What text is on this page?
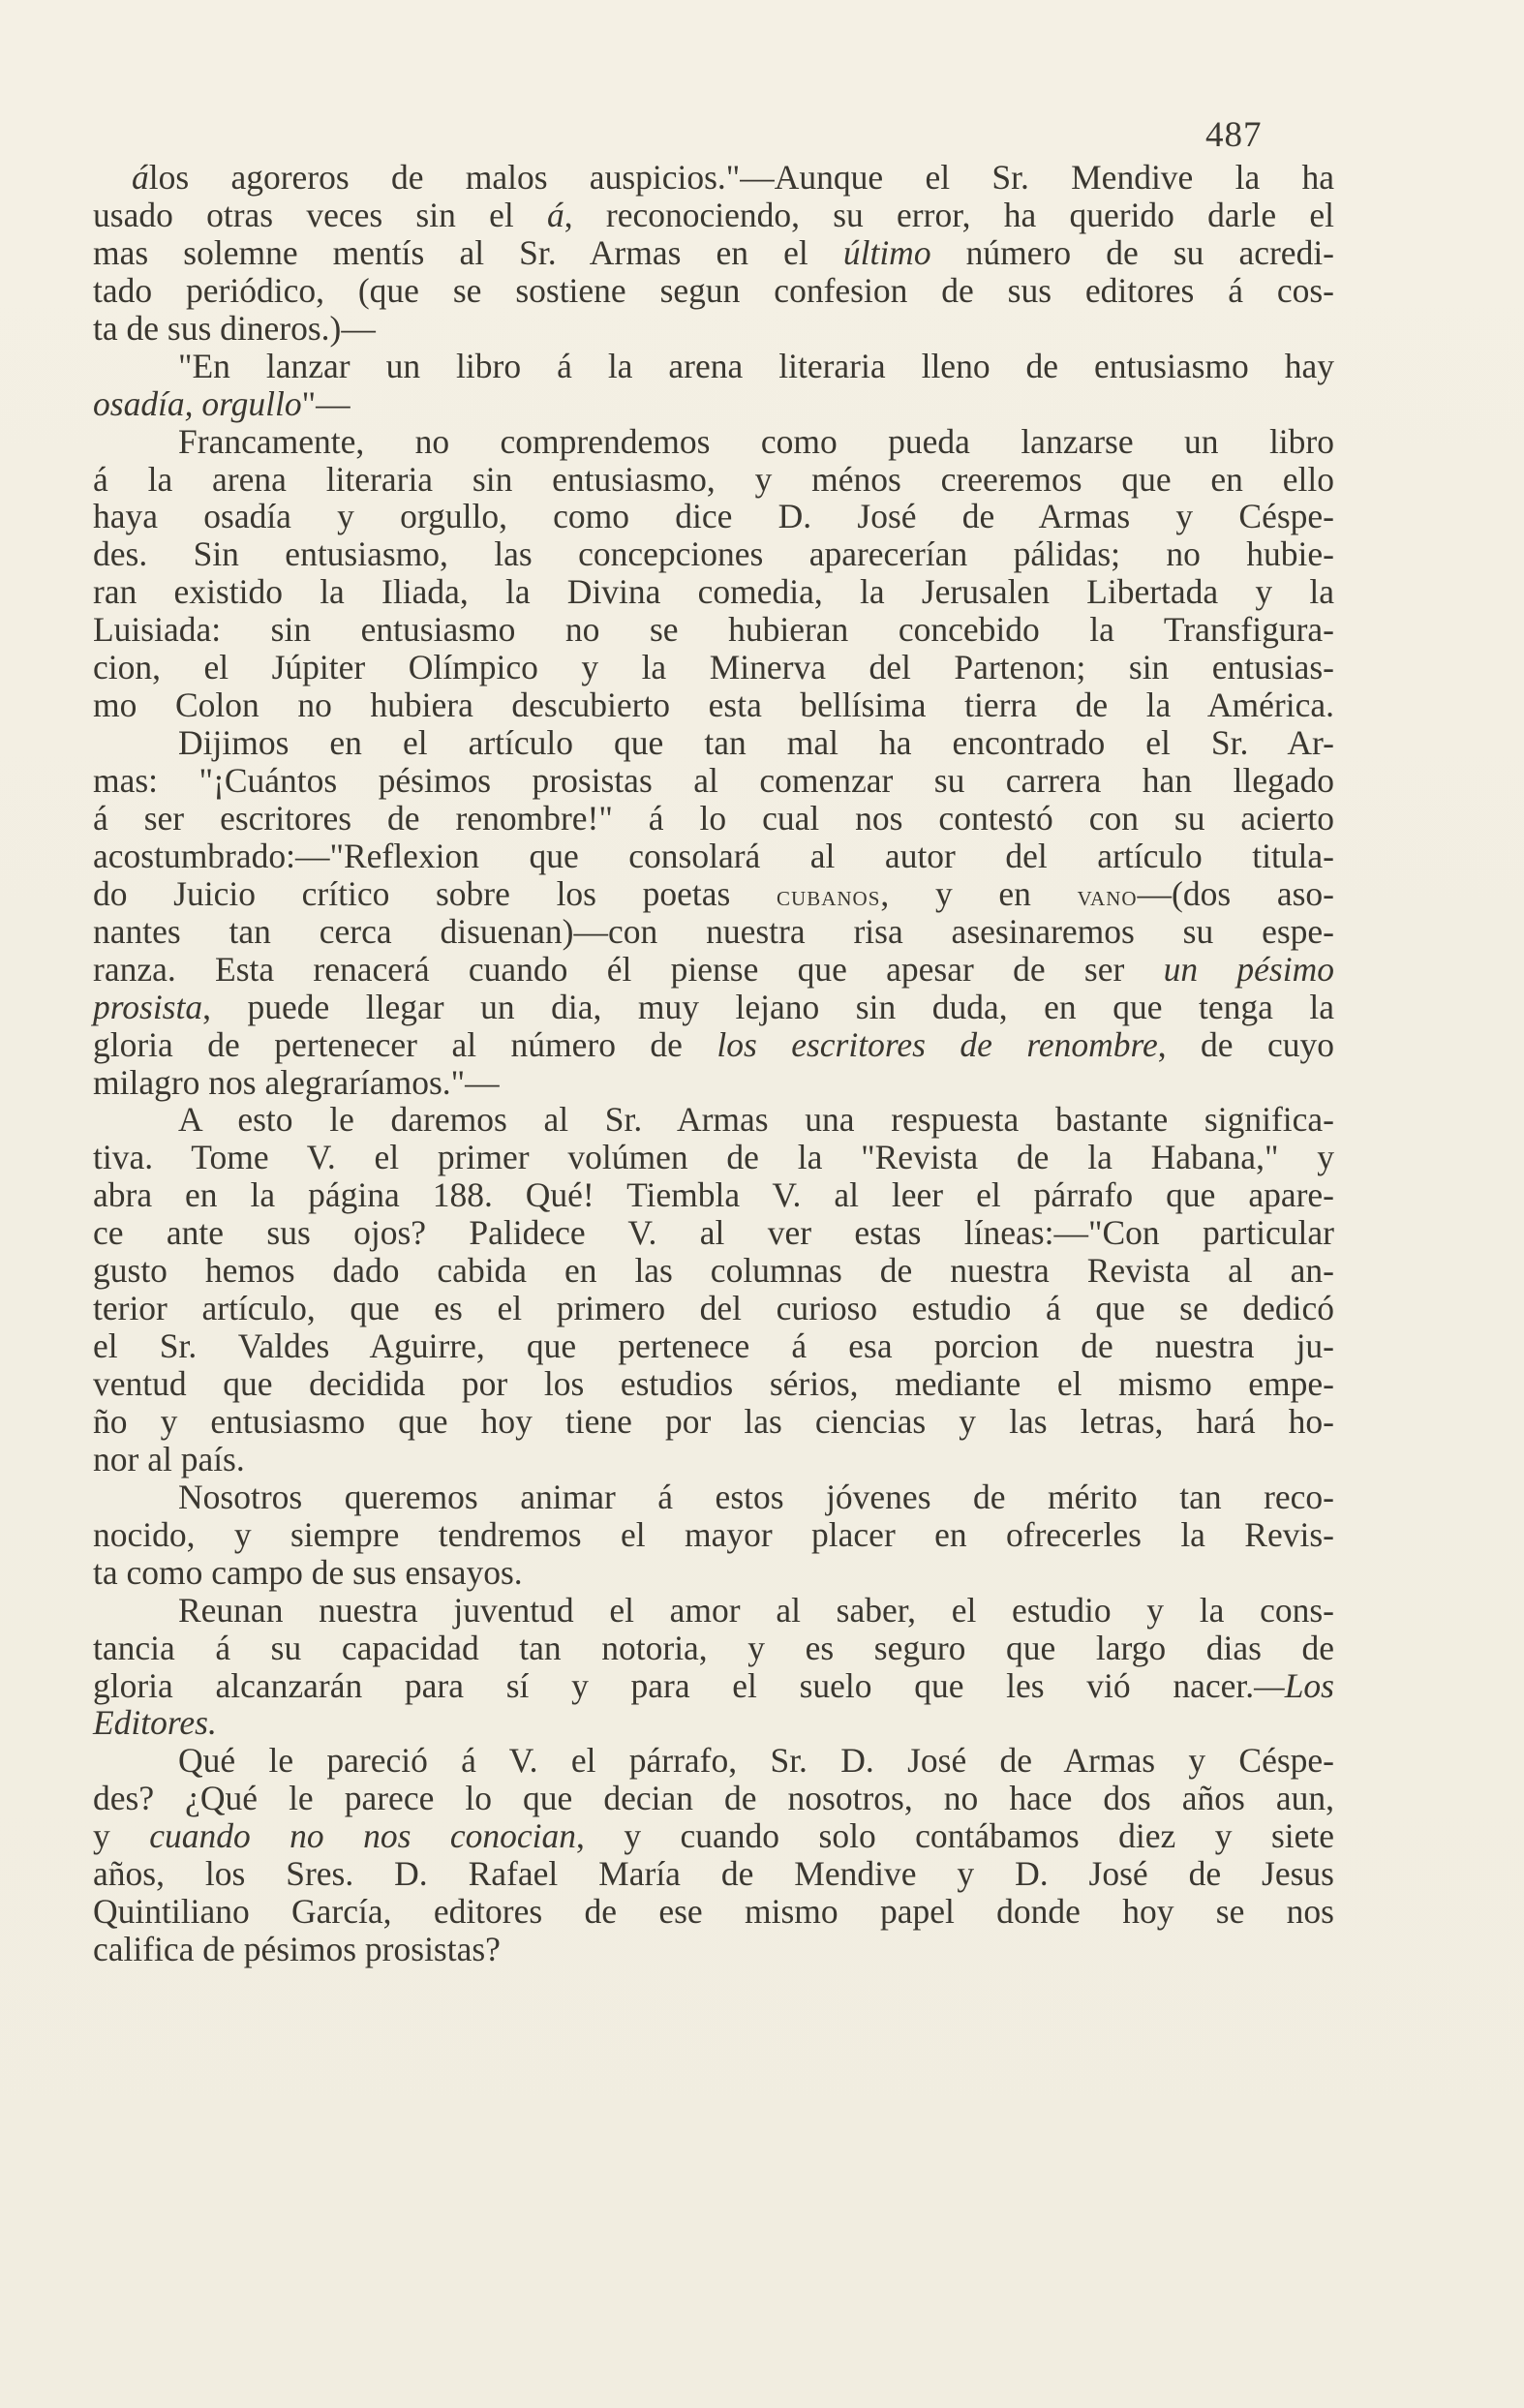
487
álos agoreros de malos auspicios."—Aunque el Sr. Mendive la ha
usado otras veces sin el á, reconociendo, su error, ha querido darle el
mas solemne mentís al Sr. Armas en el último número de su acredi-
tado periódico, (que se sostiene segun confesion de sus editores á cos-
ta de sus dineros.)—
"En lanzar un libro á la arena literaria lleno de entusiasmo hay
osadía, orgullo"—
Francamente, no comprendemos como pueda lanzarse un libro
á la arena literaria sin entusiasmo, y ménos creeremos que en ello
haya osadía y orgullo, como dice D. José de Armas y Céspe-
des. Sin entusiasmo, las concepciones aparecerían pálidas; no hubie-
ran existido la Iliada, la Divina comedia, la Jerusalen Libertada y la
Luisiada: sin entusiasmo no se hubieran concebido la Transfigura-
cion, el Júpiter Olímpico y la Minerva del Partenon; sin entusias-
mo Colon no hubiera descubierto esta bellísima tierra de la América.
Dijimos en el artículo que tan mal ha encontrado el Sr. Ar-
mas: "¡Cuántos pésimos prosistas al comenzar su carrera han llegado
á ser escritores de renombre!" á lo cual nos contestó con su acierto
acostumbrado:—"Reflexion que consolará al autor del artículo titula-
do Juicio crítico sobre los poetas cubanos, y en vano—(dos aso-
nantes tan cerca disuenan)—con nuestra risa asesinaremos su espe-
ranza. Esta renacerá cuando él piense que apesar de ser un pésimo
prosista, puede llegar un dia, muy lejano sin duda, en que tenga la
gloria de pertenecer al número de los escritores de renombre, de cuyo
milagro nos alegraríamos."—
A esto le daremos al Sr. Armas una respuesta bastante significa-
tiva. Tome V. el primer volúmen de la "Revista de la Habana," y
abra en la página 188. Qué! Tiembla V. al leer el párrafo que apare-
ce ante sus ojos? Palidece V. al ver estas líneas:—"Con particular
gusto hemos dado cabida en las columnas de nuestra Revista al an-
terior artículo, que es el primero del curioso estudio á que se dedicó
el Sr. Valdes Aguirre, que pertenece á esa porcion de nuestra ju-
ventud que decidida por los estudios sérios, mediante el mismo empe-
ño y entusiasmo que hoy tiene por las ciencias y las letras, hará ho-
nor al país.
Nosotros queremos animar á estos jóvenes de mérito tan reco-
nocido, y siempre tendremos el mayor placer en ofrecerles la Revis-
ta como campo de sus ensayos.
Reunan nuestra juventud el amor al saber, el estudio y la cons-
tancia á su capacidad tan notoria, y es seguro que largo dias de
gloria alcanzarán para sí y para el suelo que les vió nacer.—Los
Editores.
Qué le pareció á V. el párrafo, Sr. D. José de Armas y Céspe-
des? ¿Qué le parece lo que decian de nosotros, no hace dos años aun,
y cuando no nos conocian, y cuando solo contábamos diez y siete
años, los Sres. D. Rafael María de Mendive y D. José de Jesus
Quintiliano García, editores de ese mismo papel donde hoy se nos
califica de pésimos prosistas?
